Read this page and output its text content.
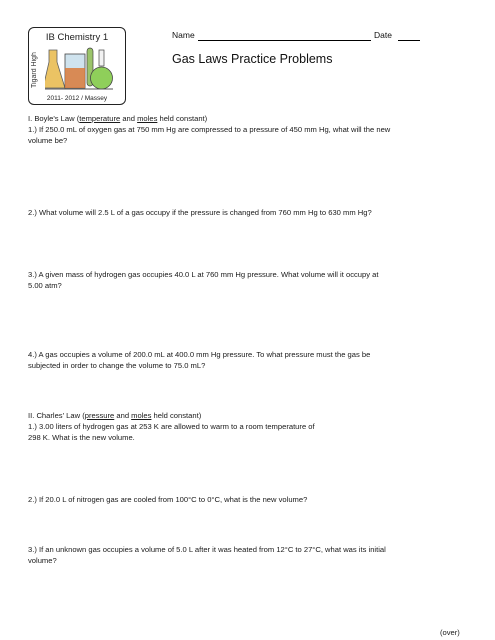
IB Chemistry 1
Tigard High
2011- 2012 / Massey
Name	Date
Gas Laws Practice Problems
I. Boyle's Law (temperature and moles held constant)
1.) If 250.0 mL of oxygen gas at 750 mm Hg are compressed to a pressure of 450 mm Hg, what will the new
volume be?
2.) What volume will 2.5 L of a gas occupy if the pressure is changed from 760 mm Hg to 630 mm Hg?
3.) A given mass of hydrogen gas occupies 40.0 L at 760 mm Hg pressure. What volume will it occupy at
5.00 atm?
4.) A gas occupies a volume of 200.0 mL at 400.0 mm Hg pressure. To what pressure must the gas be
subjected in order to change the volume to 75.0 mL?
II. Charles' Law (pressure and moles held constant)
1.) 3.00 liters of hydrogen gas at 253 K are allowed to warm to a room temperature of
298 K. What is the new volume.
2.) If 20.0 L of nitrogen gas are cooled from 100°C to 0°C, what is the new volume?
3.) If an unknown gas occupies a volume of 5.0 L after it was heated from 12°C to 27°C, what was its initial
volume?
(over)
